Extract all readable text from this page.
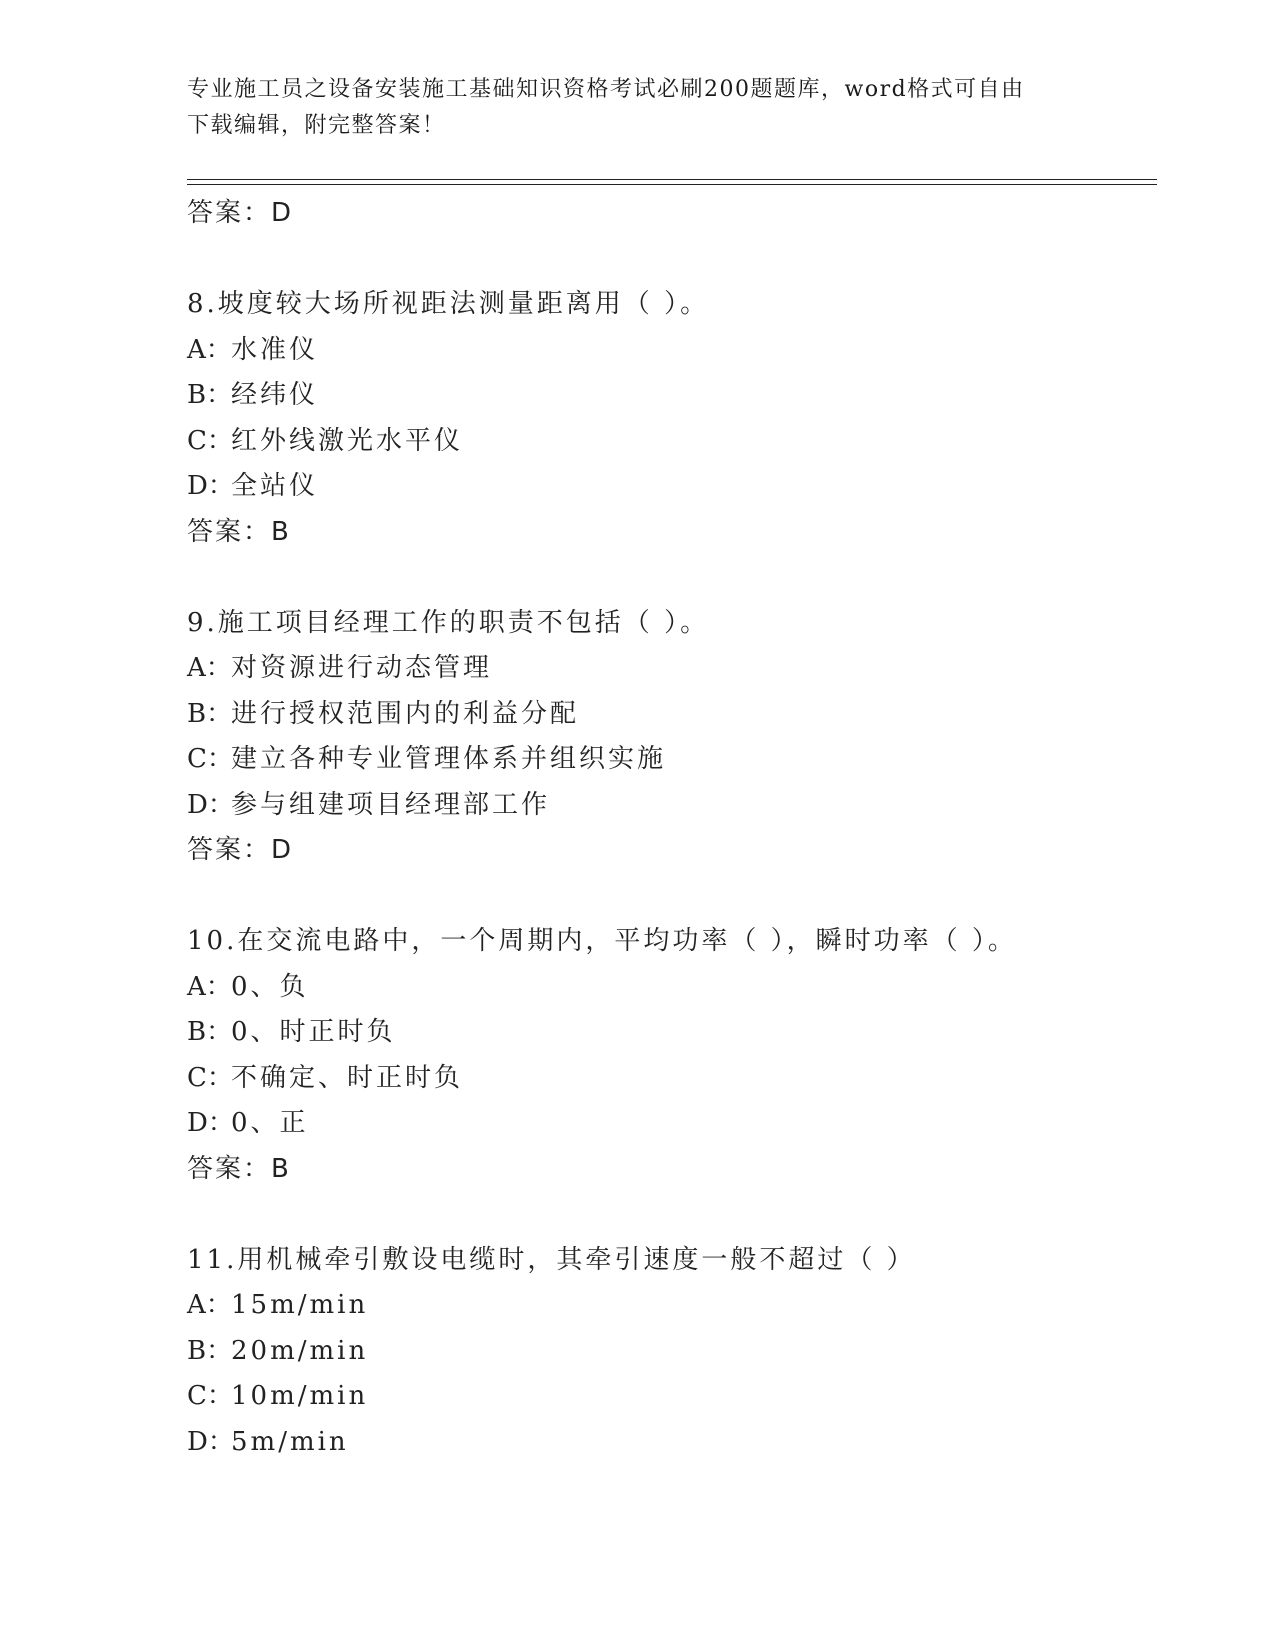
专业施工员之设备安装施工基础知识资格考试必刷200题题库，word格式可自由
下载编辑，附完整答案！
答案：D
8.坡度较大场所视距法测量距离用（ ）。
A：水准仪
B：经纬仪
C：红外线激光水平仪
D：全站仪
答案：B
9.施工项目经理工作的职责不包括（ ）。
A：对资源进行动态管理
B：进行授权范围内的利益分配
C：建立各种专业管理体系并组织实施
D：参与组建项目经理部工作
答案：D
10.在交流电路中，一个周期内，平均功率（ ），瞬时功率（ ）。
A：0、负
B：0、时正时负
C：不确定、时正时负
D：0、正
答案：B
11.用机械牵引敷设电缆时，其牵引速度一般不超过（ ）
A：15m/min
B：20m/min
C：10m/min
D：5m/min
